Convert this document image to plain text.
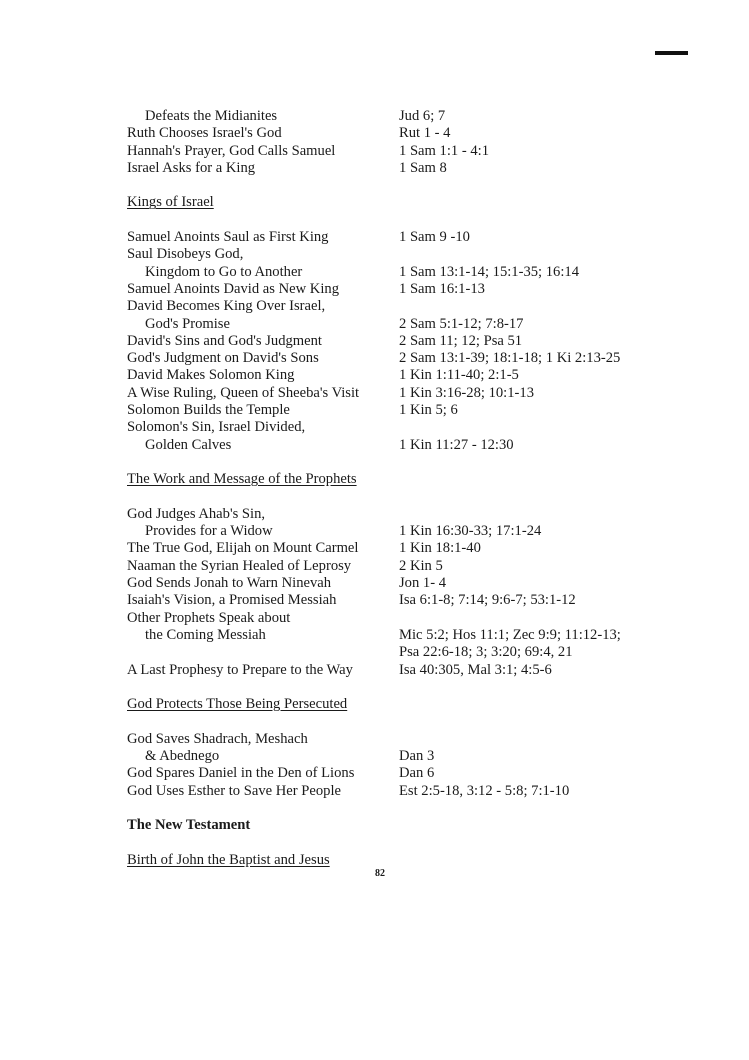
Defeats the Midianites	Jud 6; 7
Ruth Chooses Israel's God	Rut 1 - 4
Hannah's Prayer, God Calls Samuel	1 Sam 1:1 - 4:1
Israel Asks for a King	1 Sam 8
Kings of Israel
Samuel Anoints Saul as First King	1 Sam 9 -10
Saul Disobeys God,
Kingdom to Go to Another	1 Sam 13:1-14; 15:1-35; 16:14
Samuel Anoints David as New King	1 Sam 16:1-13
David Becomes King Over Israel,
God's Promise	2 Sam 5:1-12; 7:8-17
David's Sins and God's Judgment	2 Sam 11; 12; Psa 51
God's Judgment on David's Sons	2 Sam 13:1-39; 18:1-18; 1 Ki 2:13-25
David Makes Solomon King	1 Kin 1:11-40; 2:1-5
A Wise Ruling, Queen of Sheeba's Visit	1 Kin 3:16-28; 10:1-13
Solomon Builds the Temple	1 Kin 5; 6
Solomon's Sin, Israel Divided,
Golden Calves	1 Kin 11:27 - 12:30
The Work and Message of the Prophets
God Judges Ahab's Sin,
Provides for a Widow	1 Kin 16:30-33; 17:1-24
The True God, Elijah on Mount Carmel	1 Kin 18:1-40
Naaman the Syrian Healed of Leprosy	2 Kin 5
God Sends Jonah to Warn Ninevah	Jon 1- 4
Isaiah's Vision, a Promised Messiah	Isa 6:1-8; 7:14; 9:6-7; 53:1-12
Other Prophets Speak about
the Coming Messiah	Mic 5:2; Hos 11:1; Zec 9:9; 11:12-13;
Psa 22:6-18; 3; 3:20; 69:4, 21
A Last Prophesy to Prepare to the Way	Isa 40:305, Mal 3:1; 4:5-6
God Protects Those Being Persecuted
God Saves Shadrach, Meshach
& Abednego	Dan 3
God Spares Daniel in the Den of Lions	Dan 6
God Uses Esther to Save Her People	Est 2:5-18, 3:12 - 5:8; 7:1-10
The New Testament
Birth of John the Baptist and Jesus
82
